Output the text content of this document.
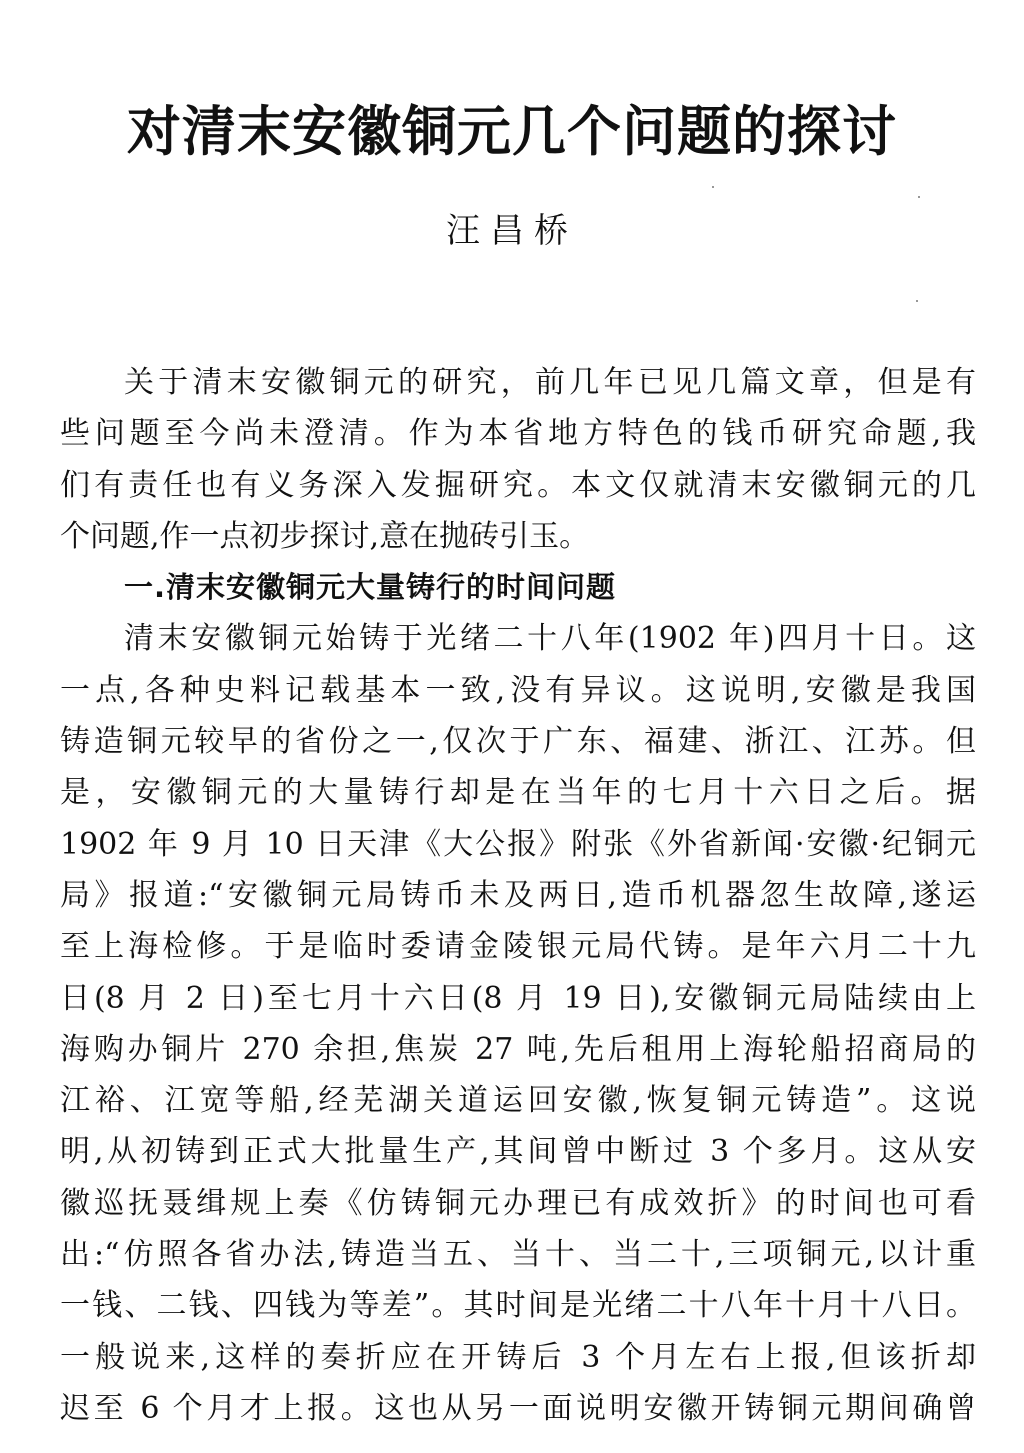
对清末安徽铜元几个问题的探讨
汪昌桥
关于清末安徽铜元的研究，前几年已见几篇文章，但是有
些问题至今尚未澄清。作为本省地方特色的钱币研究命题,我
们有责任也有义务深入发掘研究。本文仅就清末安徽铜元的几
个问题,作一点初步探讨,意在抛砖引玉。
一.清末安徽铜元大量铸行的时间问题
清末安徽铜元始铸于光绪二十八年(1902 年)四月十日。这
一点,各种史料记载基本一致,没有异议。这说明,安徽是我国
铸造铜元较早的省份之一,仅次于广东、福建、浙江、江苏。但
是，安徽铜元的大量铸行却是在当年的七月十六日之后。据
1902 年 9 月 10 日天津《大公报》附张《外省新闻·安徽·纪铜元
局》报道:“安徽铜元局铸币未及两日,造币机器忽生故障,遂运
至上海检修。于是临时委请金陵银元局代铸。是年六月二十九
日(8 月 2 日)至七月十六日(8 月 19 日),安徽铜元局陆续由上
海购办铜片 270 余担,焦炭 27 吨,先后租用上海轮船招商局的
江裕、江宽等船,经芜湖关道运回安徽,恢复铜元铸造”。这说
明,从初铸到正式大批量生产,其间曾中断过 3 个多月。这从安
徽巡抚聂缉规上奏《仿铸铜元办理已有成效折》的时间也可看
出:“仿照各省办法,铸造当五、当十、当二十,三项铜元,以计重
一钱、二钱、四钱为等差”。其时间是光绪二十八年十月十八日。
一般说来,这样的奏折应在开铸后 3 个月左右上报,但该折却
迟至 6 个月才上报。这也从另一面说明安徽开铸铜元期间确曾
